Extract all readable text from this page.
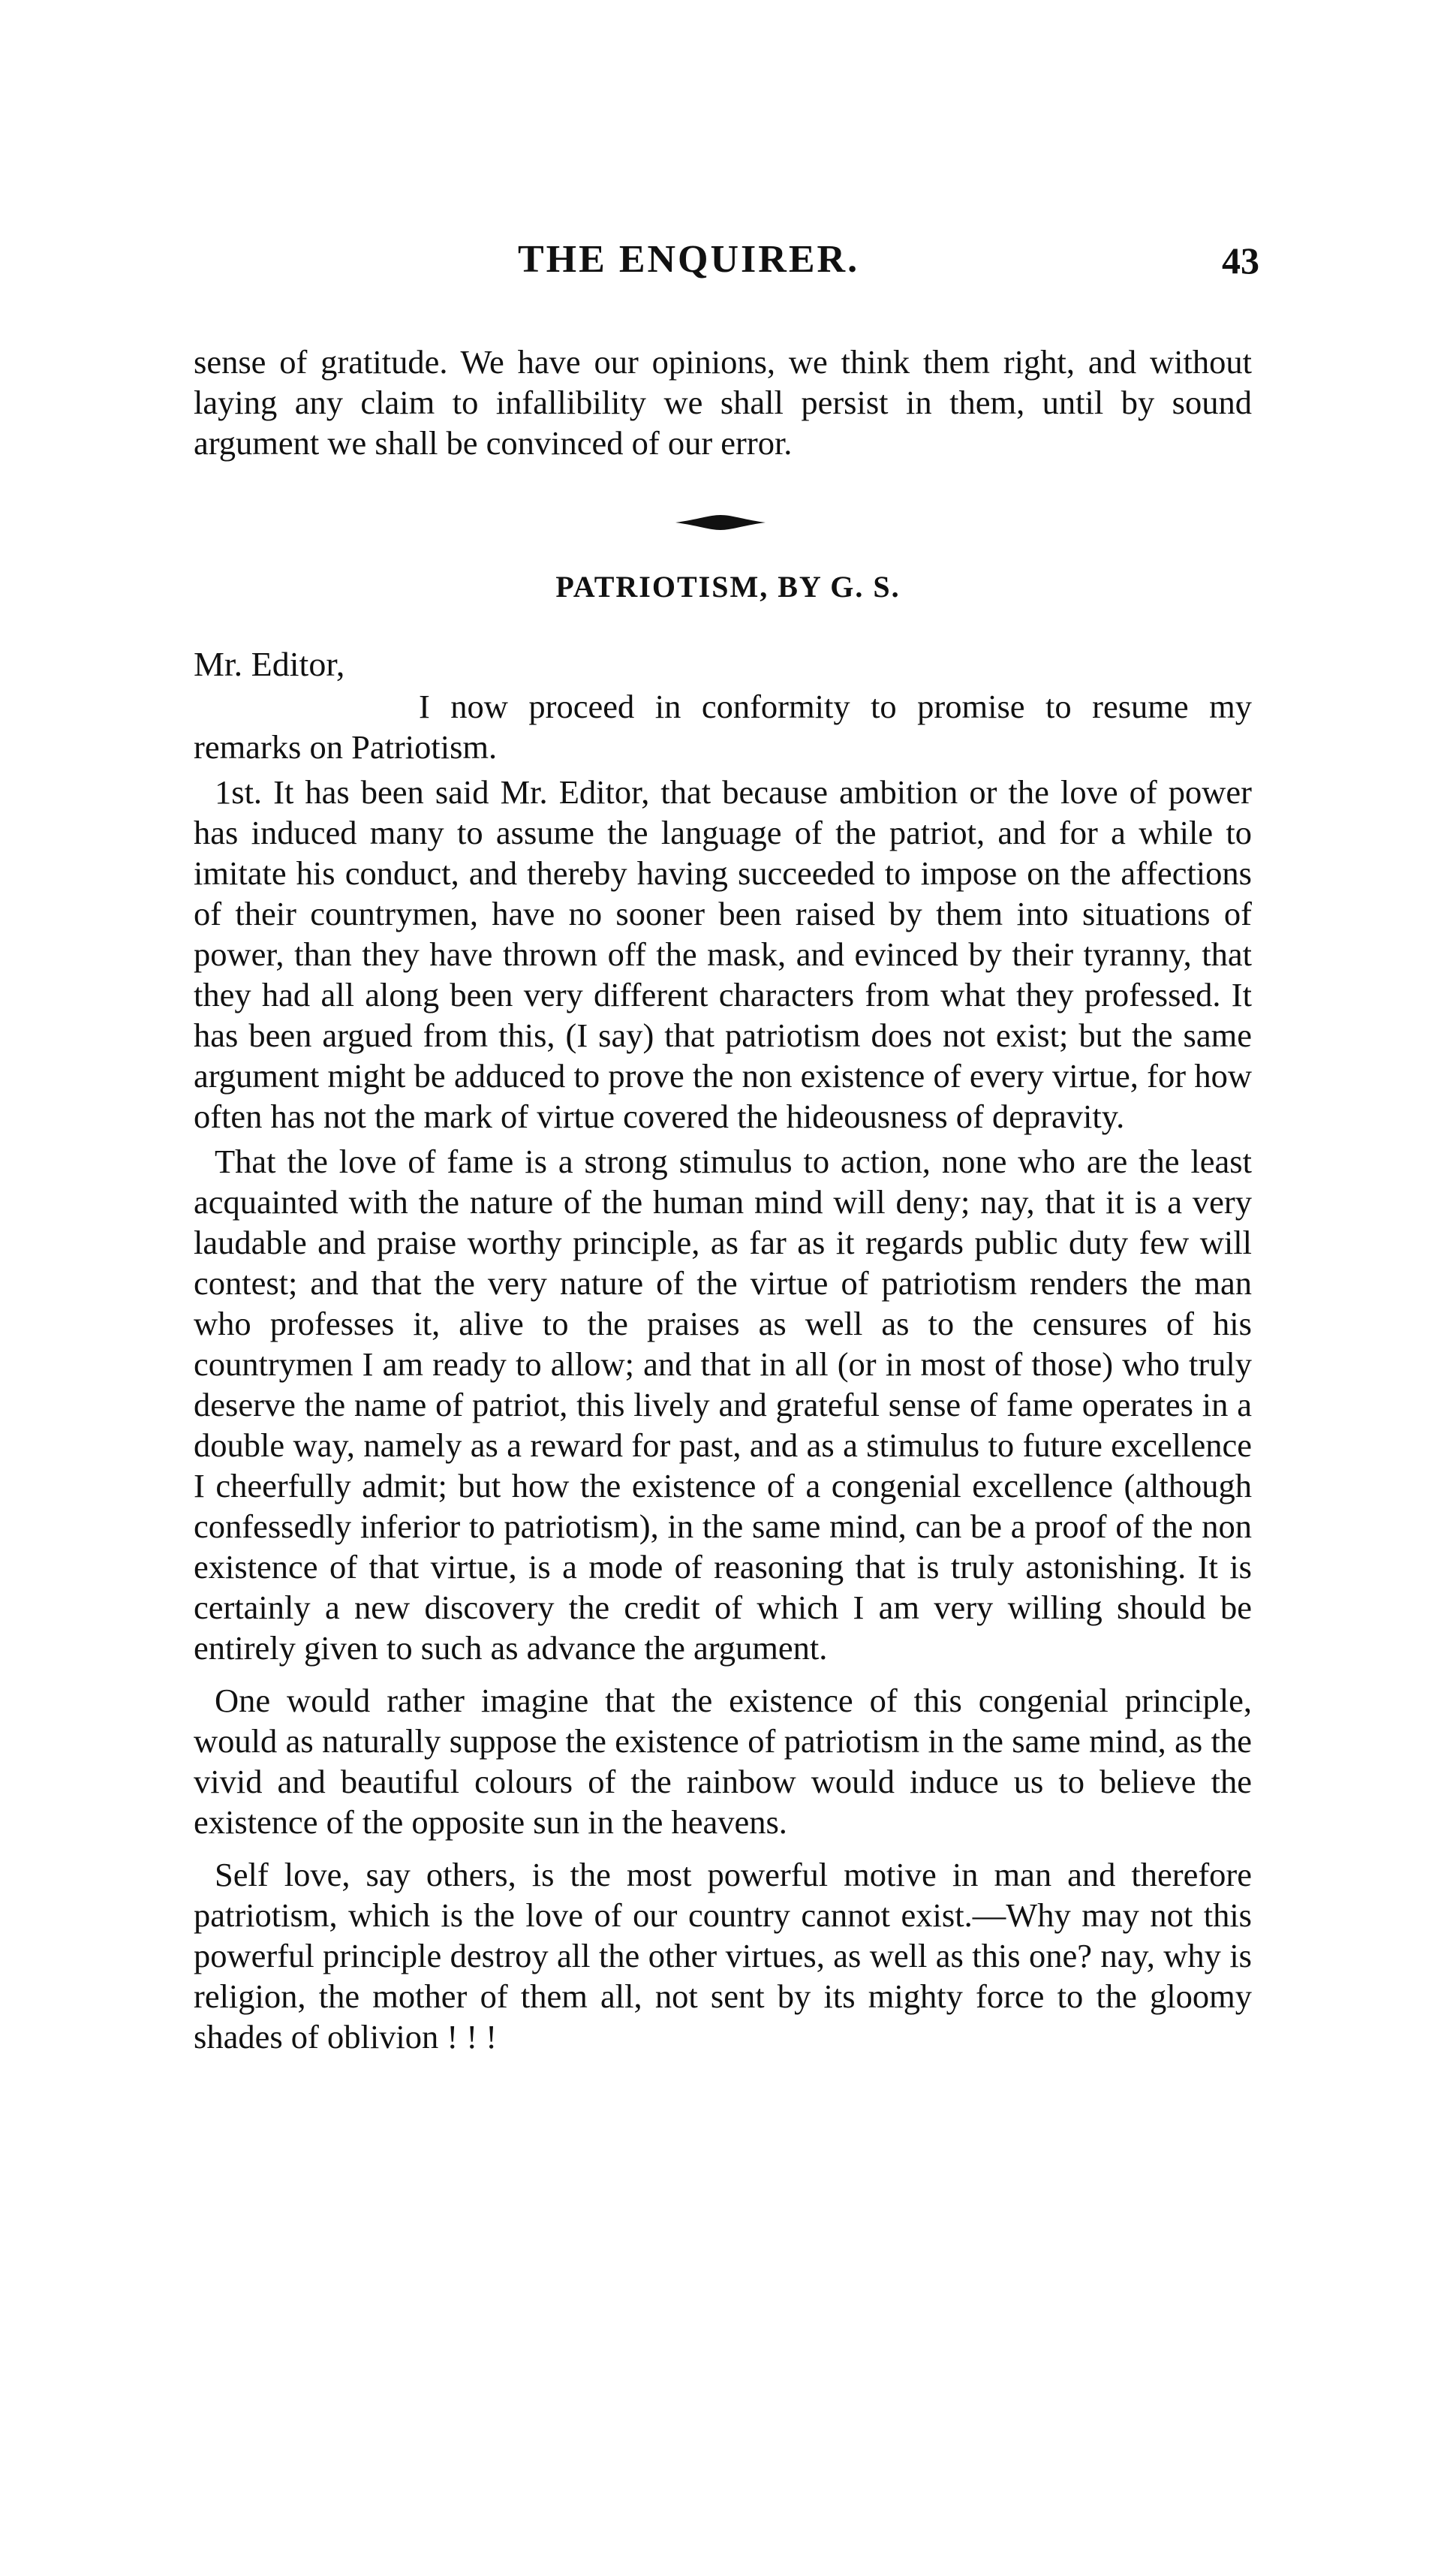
THE ENQUIRER.	43

sense of gratitude. We have our opinions, we think them right, and without laying any claim to infallibility we shall persist in them, until by sound argument we shall be convinced of our error.

PATRIOTISM, BY G. S.
Mr. Editor,

I now proceed in conformity to promise to resume my remarks on Patriotism.

1st. It has been said Mr. Editor, that because ambition or the love of power has induced many to assume the language of the patriot, and for a while to imitate his conduct, and thereby having succeeded to impose on the affections of their countrymen, have no sooner been raised by them into situations of power, than they have thrown off the mask, and evinced by their tyranny, that they had all along been very different characters from what they professed. It has been argued from this, (I say) that patriotism does not exist; but the same argument might be adduced to prove the non existence of every virtue, for how often has not the mark of virtue covered the hideousness of depravity.

That the love of fame is a strong stimulus to action, none who are the least acquainted with the nature of the human mind will deny; nay, that it is a very laudable and praise worthy principle, as far as it regards public duty few will contest; and that the very nature of the virtue of patriotism renders the man who professes it, alive to the praises as well as to the censures of his countrymen I am ready to allow; and that in all (or in most of those) who truly deserve the name of patriot, this lively and grateful sense of fame operates in a double way, namely as a reward for past, and as a stimulus to future excellence I cheerfully admit; but how the existence of a congenial excellence (although confessedly inferior to patriotism), in the same mind, can be a proof of the non existence of that virtue, is a mode of reasoning that is truly astonishing. It is certainly a new discovery the credit of which I am very willing should be entirely given to such as advance the argument.

One would rather imagine that the existence of this congenial principle, would as naturally suppose the existence of patriotism in the same mind, as the vivid and beautiful colours of the rainbow would induce us to believe the existence of the opposite sun in the heavens.

Self love, say others, is the most powerful motive in man and therefore patriotism, which is the love of our country cannot exist.—Why may not this powerful principle destroy all the other virtues, as well as this one? nay, why is religion, the mother of them all, not sent by its mighty force to the gloomy shades of oblivion ! ! !
